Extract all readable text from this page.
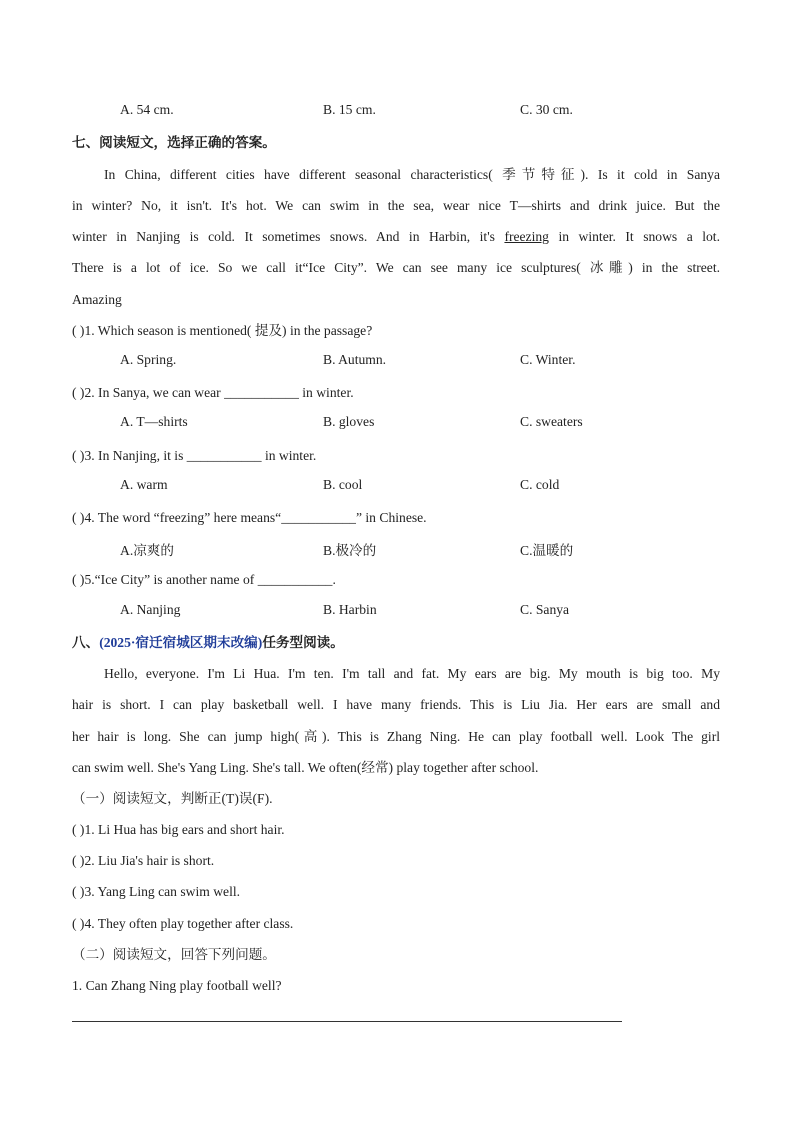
A. 54 cm.	B. 15 cm.	C. 30 cm.
七、阅读短文，选择正确的答案。
In China, different cities have different seasonal characteristics( 季节特征). Is it cold in Sanya
in winter? No, it isn't. It's hot. We can swim in the sea, wear nice T—shirts and drink juice. But the
winter in Nanjing is cold. It sometimes snows. And in Harbin, it's freezing in winter. It snows a lot.
There is a lot of ice. So we call it“Ice City”. We can see many ice sculptures( 冰雕) in the street.
Amazing
( )1. Which season is mentioned( 提及) in the passage?
A. Spring.	B. Autumn.	C. Winter.
( )2. In Sanya, we can wear ___________ in winter.
A. T—shirts	B. gloves	C. sweaters
( )3. In Nanjing, it is ___________ in winter.
A. warm	B. cool	C. cold
( )4. The word “freezing” here means“___________” in Chinese.
A.凉爽的	B.极冷的	C.温暖的
( )5.“Ice City” is another name of ___________.
A. Nanjing	B. Harbin	C. Sanya
八、(2025·宿迁宿城区期末改编)任务型阅读。
Hello, everyone. I'm Li Hua. I'm ten. I'm tall and fat. My ears are big. My mouth is big too. My
hair is short. I can play basketball well. I have many friends. This is Liu Jia. Her ears are small and
her hair is long. She can jump high(高). This is Zhang Ning. He can play football well. Look The girl
can swim well. She's Yang Ling. She's tall. We often(经常) play together after school.
（一）阅读短文，判断正(T)误(F).
( )1. Li Hua has big ears and short hair.
( )2. Liu Jia's hair is short.
( )3. Yang Ling can swim well.
( )4. They often play together after class.
（二）阅读短文，回答下列问题。
1. Can Zhang Ning play football well?
